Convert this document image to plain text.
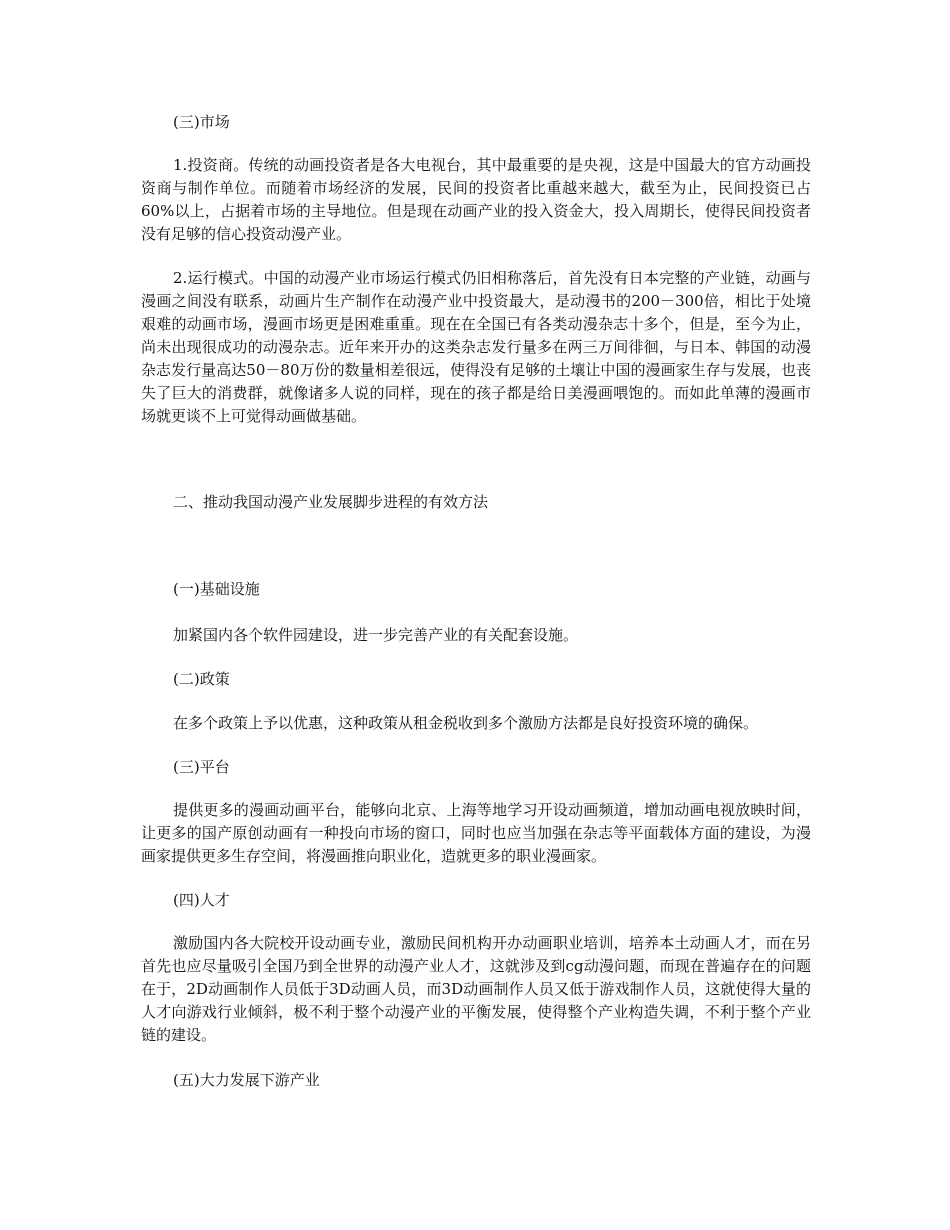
(三)市场

1.投资商。传统的动画投资者是各大电视台，其中最重要的是央视，这是中国最大的官方动画投资商与制作单位。而随着市场经济的发展，民间的投资者比重越来越大，截至为止，民间投资已占60%以上，占据着市场的主导地位。但是现在动画产业的投入资金大，投入周期长，使得民间投资者没有足够的信心投资动漫产业。

2.运行模式。中国的动漫产业市场运行模式仍旧相称落后，首先没有日本完整的产业链，动画与漫画之间没有联系，动画片生产制作在动漫产业中投资最大，是动漫书的200－300倍，相比于处境艰难的动画市场，漫画市场更是困难重重。现在在全国已有各类动漫杂志十多个，但是，至今为止，尚未出现很成功的动漫杂志。近年来开办的这类杂志发行量多在两三万间徘徊，与日本、韩国的动漫杂志发行量高达50－80万份的数量相差很远，使得没有足够的土壤让中国的漫画家生存与发展，也丧失了巨大的消费群，就像诸多人说的同样，现在的孩子都是给日美漫画喂饱的。而如此单薄的漫画市场就更谈不上可觉得动画做基础。

二、推动我国动漫产业发展脚步进程的有效方法

(一)基础设施

加紧国内各个软件园建设，进一步完善产业的有关配套设施。

(二)政策

在多个政策上予以优惠，这种政策从租金税收到多个激励方法都是良好投资环境的确保。

(三)平台

提供更多的漫画动画平台，能够向北京、上海等地学习开设动画频道，增加动画电视放映时间，让更多的国产原创动画有一种投向市场的窗口，同时也应当加强在杂志等平面载体方面的建设，为漫画家提供更多生存空间，将漫画推向职业化，造就更多的职业漫画家。

(四)人才

激励国内各大院校开设动画专业，激励民间机构开办动画职业培训，培养本土动画人才，而在另首先也应尽量吸引全国乃到全世界的动漫产业人才，这就涉及到cg动漫问题，而现在普遍存在的问题在于，2D动画制作人员低于3D动画人员，而3D动画制作人员又低于游戏制作人员，这就使得大量的人才向游戏行业倾斜，极不利于整个动漫产业的平衡发展，使得整个产业构造失调，不利于整个产业链的建设。

(五)大力发展下游产业
